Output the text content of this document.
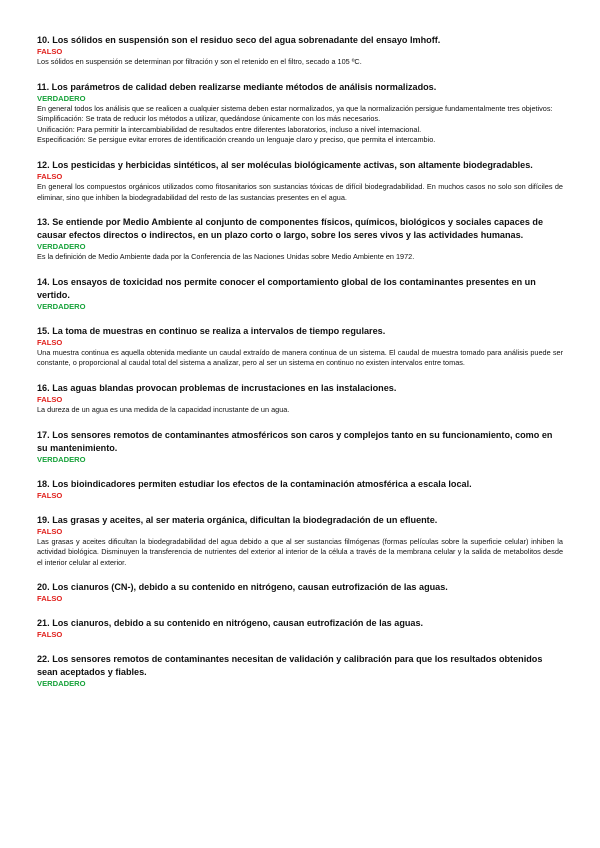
10. Los sólidos en suspensión son el residuo seco del agua sobrenadante del ensayo Imhoff.

FALSO

Los sólidos en suspensión se determinan por filtración y son el retenido en el filtro, secado a 105 ºC.

11. Los parámetros de calidad deben realizarse mediante métodos de análisis normalizados.

VERDADERO

En general todos los análisis que se realicen a cualquier sistema deben estar normalizados, ya que la normalización persigue fundamentalmente tres objetivos:

Simplificación: Se trata de reducir los métodos a utilizar, quedándose únicamente con los más necesarios.

Unificación: Para permitir la intercambiabilidad de resultados entre diferentes laboratorios, incluso a nivel internacional.

Especificación: Se persigue evitar errores de identificación creando un lenguaje claro y preciso, que permita el intercambio.

12. Los pesticidas y herbicidas sintéticos, al ser moléculas biológicamente activas, son altamente biodegradables.

FALSO

En general los compuestos orgánicos utilizados como fitosanitarios son sustancias tóxicas de difícil biodegradabilidad. En muchos casos no solo son difíciles de eliminar, sino que inhiben la biodegradabilidad del resto de las sustancias presentes en el agua.

13. Se entiende por Medio Ambiente al conjunto de componentes físicos, químicos, biológicos y sociales capaces de causar efectos directos o indirectos, en un plazo corto o largo, sobre los seres vivos y las actividades humanas.

VERDADERO

Es la definición de Medio Ambiente dada por la Conferencia de las Naciones Unidas sobre Medio Ambiente en 1972.

14. Los ensayos de toxicidad nos permite conocer el comportamiento global de los contaminantes presentes en un vertido.

VERDADERO

15. La toma de muestras en continuo se realiza a intervalos de tiempo regulares.

FALSO

Una muestra continua es aquella obtenida mediante un caudal extraído de manera continua de un sistema. El caudal de muestra tomado para análisis puede ser constante, o proporcional al caudal total del sistema a analizar, pero al ser un sistema en continuo no existen intervalos entre tomas.

16. Las aguas blandas provocan problemas de incrustaciones en las instalaciones.

FALSO

La dureza de un agua es una medida de la capacidad incrustante de un agua.

17. Los sensores remotos de contaminantes atmosféricos son caros y complejos tanto en su funcionamiento, como en su mantenimiento.

VERDADERO

18. Los bioindicadores permiten estudiar los efectos de la contaminación atmosférica a escala local.

FALSO

19. Las grasas y aceites, al ser materia orgánica, dificultan la biodegradación de un efluente.

FALSO

Las grasas y aceites dificultan la biodegradabilidad del agua debido a que al ser sustancias filmógenas (formas películas sobre la superficie celular) inhiben la actividad biológica. Disminuyen la transferencia de nutrientes del exterior al interior de la célula a través de la membrana celular y la salida de metabolitos desde el interior celular al exterior.

20. Los cianuros (CN-), debido a su contenido en nitrógeno, causan eutrofización de las aguas.

FALSO

21. Los cianuros, debido a su contenido en nitrógeno, causan eutrofización de las aguas.

FALSO

22. Los sensores remotos de contaminantes necesitan de validación y calibración para que los resultados obtenidos sean aceptados y fiables.

VERDADERO
